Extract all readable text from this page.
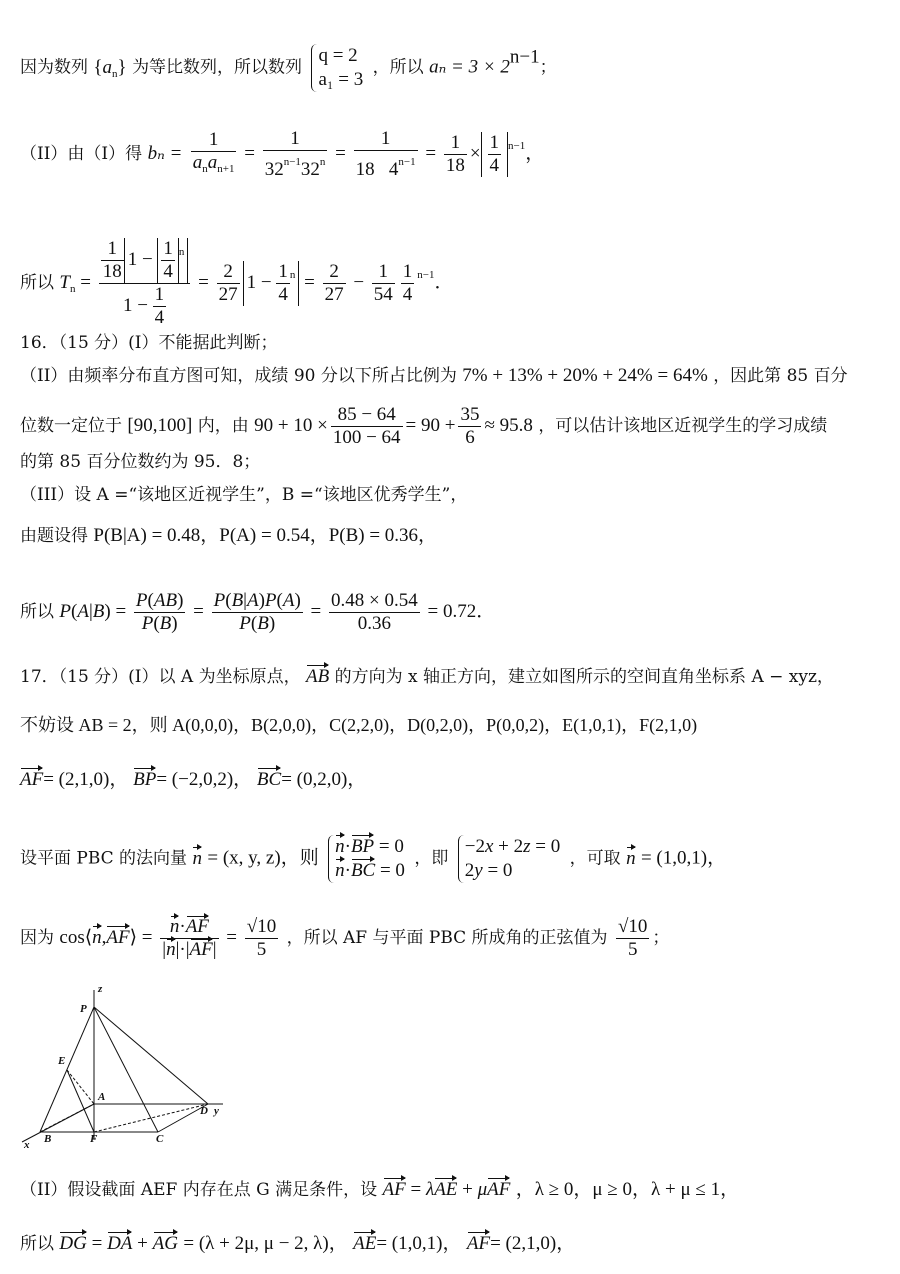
因为数列 $\{a_n\}$ 为等比数列，所以数列
q = 2
a₁ = 3
，所以 $a_n = 3 \times 2^{n-1}$；
（II）由（I）得 $b_n = \frac{1}{a_na_{n+1}} = \frac{1}{32^{n-1}32^n} = \frac{1}{18 4^{n-1}} = \frac{1}{18} \times \frac{1}{4} ^{n-1}$，
所以 $T_n = \frac{\frac{1}{18} 1 - \frac{1}{4} ^n}{1 - \frac{1}{4}} = \frac{2}{27} 1 - \frac{1}{4} ^n = \frac{2}{27} - \frac{1}{54} \frac{1}{4} ^{n-1}$．
16．（15 分）(I）不能据此判断；
（II）由频率分布直方图可知，成绩 90 分以下所占比例为 7% + 13% + 20% + 24% = 64% ，因此第 85 百分
位数一定位于 [90,100] 内，由 $90 + 10 \times \frac{85 - 64}{100 - 64} = 90 + \frac{35}{6} \approx 95.8$ ，可以估计该地区近视学生的学习成绩
的第 85 百分位数约为 95．8；
（III）设 A =“该地区近视学生”，B =“该地区优秀学生”，
由题设得 P(B|A) = 0.48，P(A) = 0.54，P(B) = 0.36，
所以 $P(A|B) = \frac{P(AB)}{P(B)} = \frac{P(B|A)P(A)}{P(B)} = \frac{0.48 \times 0.54}{0.36} = 0.72$．
17．（15 分）(I）以 A 为坐标原点， AB 的方向为 x 轴正方向，建立如图所示的空间直角坐标系 A − xyz，
不妨设 AB = 2，则 A(0,0,0)，B(2,0,0)，C(2,2,0)，D(0,2,0)，P(0,0,2)，E(1,0,1)，F(2,1,0)
AF= (2,1,0)， BP= (−2,0,2)， BC= (0,2,0)，
设平面 PBC 的法向量 n = (x, y, z)，则
n·BP = 0
n·BC = 0
，即
−2x + 2z = 0
2y = 0
，可取 n = (1,0,1)，
因为 cos⟨n,AF⟩ = $\frac{n\cdot AF}{|n|\cdot|AF|} = \frac{√10}{5}$ ，所以 AF 与平面 PBC 所成角的正弦值为 $\frac{√10}{5}$ ；
z
P
E
A
D y
x B	F	C
（II）假设截面 AEF 内存在点 G 满足条件，设 AF = λAE + μAF ，λ ≥ 0，μ ≥ 0，λ + μ ≤ 1，
所以 DG = DA + AG = (λ + 2μ, μ − 2, λ)， AE= (1,0,1)， AF= (2,1,0)，
